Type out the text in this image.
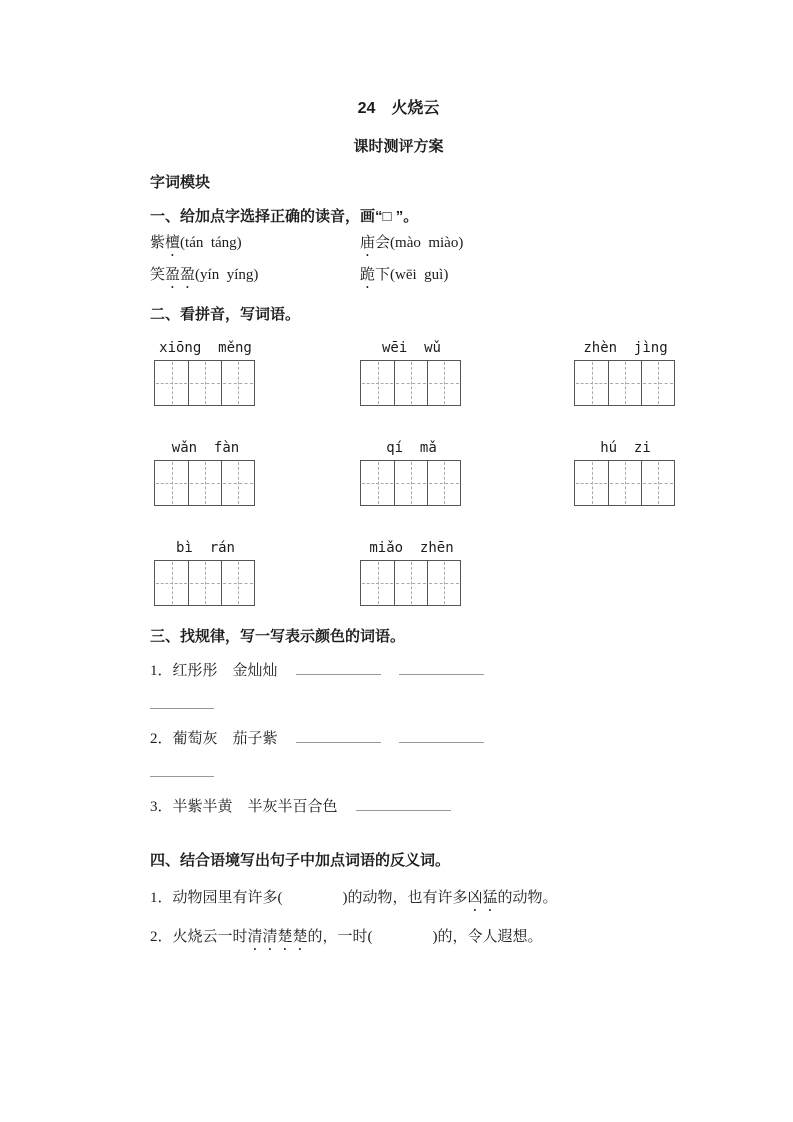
24　火烧云
课时测评方案
字词模块
一、给加点字选择正确的读音，画“□ ”。
紫檀(tán  táng)	庙会(mào  miào)
笑盈盈(yín  yíng)	跪下(wēi  guì)
二、看拼音，写词语。
xiōng  měng	wēi  wǔ	zhèn  jìng
wǎn  fàn	qí  mǎ	hú  zi
bì  rán	miǎo  zhēn
三、找规律，写一写表示颜色的词语。
1．红彤彤　金灿灿
2．葡萄灰　茄子紫
3．半紫半黄　半灰半百合色
四、结合语境写出句子中加点词语的反义词。
1．动物园里有许多(　　　　)的动物，也有许多凶猛的动物。
2．火烧云一时清清楚楚的，一时(　　　　)的，令人遐想。
